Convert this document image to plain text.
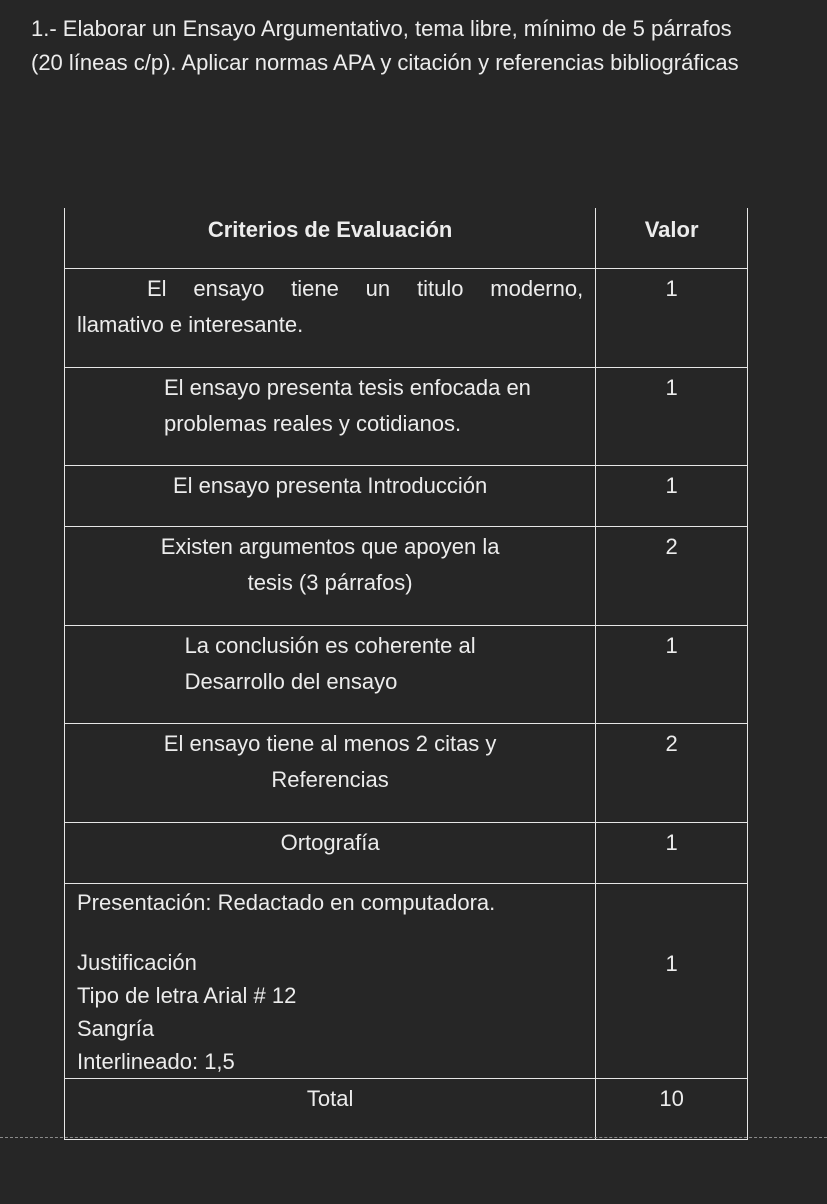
1.- Elaborar un Ensayo Argumentativo, tema libre, mínimo de 5 párrafos
(20 líneas c/p). Aplicar normas APA y citación y referencias bibliográficas
Criterios de Evaluación	Valor

El ensayo tiene un titulo moderno,
llamativo e interesante.	1

El ensayo presenta tesis enfocada en
problemas reales y cotidianos.	1

El ensayo presenta Introducción	1

Existen argumentos que apoyen la
tesis (3 párrafos)	2

La conclusión es coherente al
Desarrollo del ensayo	1

El ensayo tiene al menos 2 citas y
Referencias	2

Ortografía	1

Presentación: Redactado en computadora.
Justificación
Tipo de letra Arial # 12
Sangría
Interlineado: 1,5	1
Total	10
